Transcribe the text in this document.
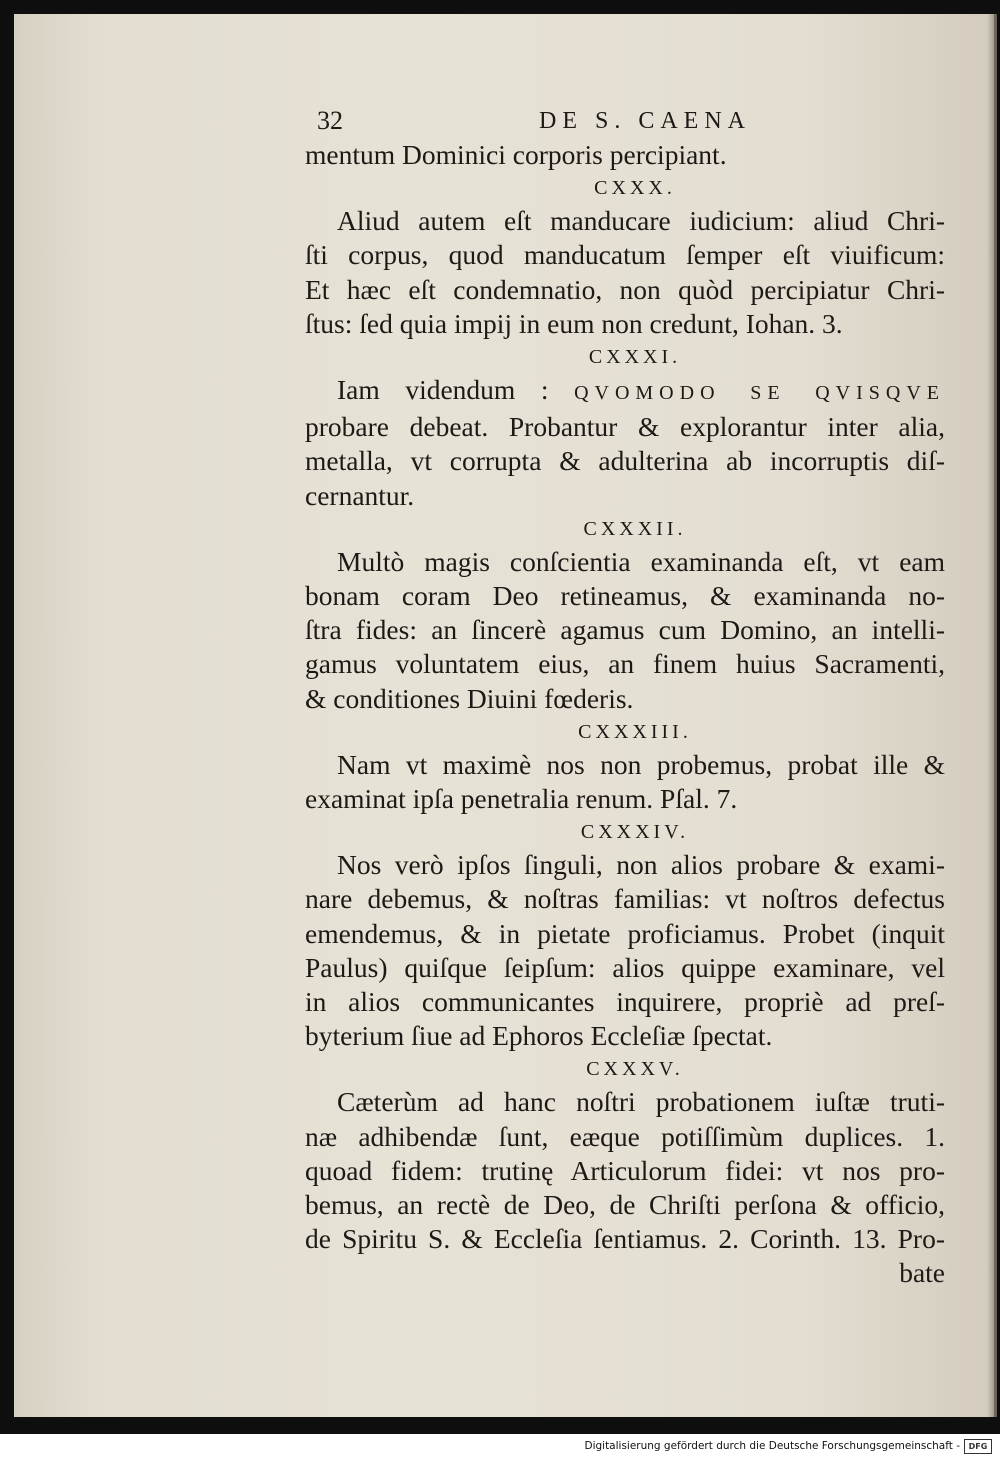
32	DE S. CAENA
mentum Dominici corporis percipiant.
CXXX.
Aliud autem eſt manducare iudicium: aliud Chri-
ſti corpus, quod manducatum ſemper eſt viuificum:
Et hæc eſt condemnatio, non quòd percipiatur Chri-
ſtus: ſed quia impij in eum non credunt, Iohan. 3.
CXXXI.
Iam videndum : QVOMODO SE QVISQVE
probare debeat. Probantur & explorantur inter alia,
metalla, vt corrupta & adulterina ab incorruptis diſ-
cernantur.
CXXXII.
Multò magis conſcientia examinanda eſt, vt eam
bonam coram Deo retineamus, & examinanda no-
ſtra fides: an ſincerè agamus cum Domino, an intelli-
gamus voluntatem eius, an finem huius Sacramenti,
& conditiones Diuini fœderis.
CXXXIII.
Nam vt maximè nos non probemus, probat ille &
examinat ipſa penetralia renum. Pſal. 7.
CXXXIV.
Nos verò ipſos ſinguli, non alios probare & exami-
nare debemus, & noſtras familias: vt noſtros defectus
emendemus, & in pietate proficiamus. Probet (inquit
Paulus) quiſque ſeipſum: alios quippe examinare, vel
in alios communicantes inquirere, propriè ad preſ-
byterium ſiue ad Ephoros Eccleſiæ ſpectat.
CXXXV.
Cæterùm ad hanc noſtri probationem iuſtæ truti-
næ adhibendæ ſunt, eæque potiſſimùm duplices. 1.
quoad fidem: trutinę Articulorum fidei: vt nos pro-
bemus, an rectè de Deo, de Chriſti perſona & officio,
de Spiritu S. & Eccleſia ſentiamus. 2. Corinth. 13. Pro-
bate
Digitalisierung gefördert durch die Deutsche Forschungsgemeinschaft -	DFG
